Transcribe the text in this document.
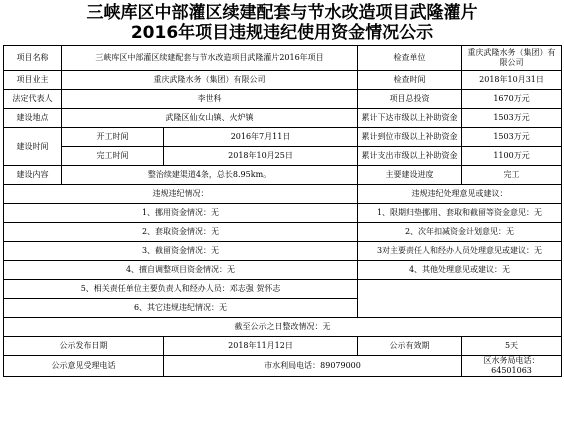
三峡库区中部灌区续建配套与节水改造项目武隆灌片
2016年项目违规违纪使用资金情况公示
项目名称	三峡库区中部灌区续建配套与节水改造项目武隆灌片2016年项目		检查单位	重庆武隆水务（集团）有限公司
项目业主	重庆武隆水务（集团）有限公司		检查时间	2018年10月31日
法定代表人	李世科		项目总投资	1670万元
建设地点	武隆区仙女山镇、火炉镇		累计下达市级以上补助资金	1503万元
建设时间	开工时间	2016年7月11日	累计到位市级以上补助资金	1503万元
	完工时间	2018年10月25日	累计支出市级以上补助资金	1100万元
建设内容	整治续建渠道4条，总长8.95km。		主要建设进度	完工
违规违纪情况：			违规违纪处理意见或建议：	
1、挪用资金情况：无			1、限期归垫挪用、套取和截留等资金意见：无	
2、套取资金情况：无			2、次年扣减资金计划意见：无	
3、截留资金情况：无			3对主要责任人和经办人员处理意见或建议：无	
4、擅自调整项目资金情况：无			4、其他处理意见或建议：无	
5、相关责任单位主要负责人和经办人员：邓志强 贺怀志				
6、其它违规违纪情况：无				
截至公示之日整改情况：无				
公示发布日期		2018年11月12日	公示有效期	5天
公示意见受理电话		市水利局电话：89079000		区水务局电话：64501063
